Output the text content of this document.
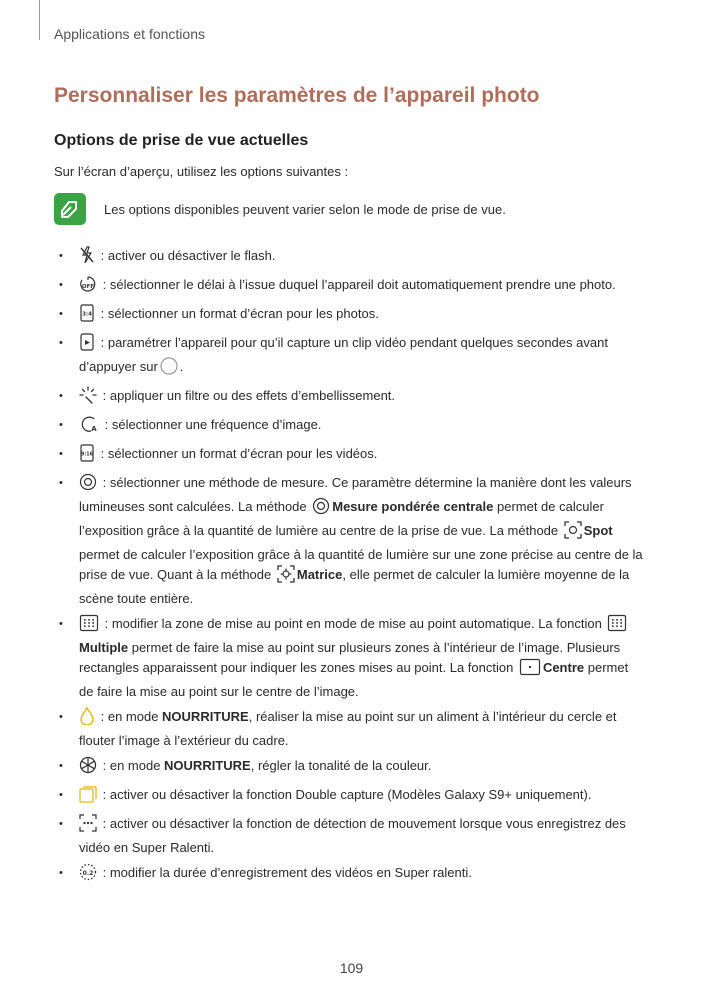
Applications et fonctions
Personnaliser les paramètres de l’appareil photo
Options de prise de vue actuelles

Sur l’écran d’aperçu, utilisez les options suivantes :

Les options disponibles peuvent varier selon le mode de prise de vue.
• : activer ou désactiver le flash.
• OFF : sélectionner le délai à l’issue duquel l’appareil doit automatiquement prendre une photo.
• 3:4 : sélectionner un format d’écran pour les photos.
• : paramétrer l’appareil pour qu’il capture un clip vidéo pendant quelques secondes avant d’appuyer sur .
• : appliquer un filtre ou des effets d’embellissement.
• A : sélectionner une fréquence d’image.
• 9:16 : sélectionner un format d’écran pour les vidéos.
• : sélectionner une méthode de mesure. Ce paramètre détermine la manière dont les valeurs lumineuses sont calculées. La méthode Mesure pondérée centrale permet de calculer l’exposition grâce à la quantité de lumière au centre de la prise de vue. La méthode Spot permet de calculer l’exposition grâce à la quantité de lumière sur une zone précise au centre de la prise de vue. Quant à la méthode Matrice, elle permet de calculer la lumière moyenne de la scène toute entière.
• : modifier la zone de mise au point en mode de mise au point automatique. La fonction Multiple permet de faire la mise au point sur plusieurs zones à l’intérieur de l’image. Plusieurs rectangles apparaissent pour indiquer les zones mises au point. La fonction Centre permet de faire la mise au point sur le centre de l’image.
• : en mode NOURRITURE, réaliser la mise au point sur un aliment à l’intérieur du cercle et flouter l’image à l’extérieur du cadre.
• : en mode NOURRITURE, régler la tonalité de la couleur.
• : activer ou désactiver la fonction Double capture (Modèles Galaxy S9+ uniquement).
• : activer ou désactiver la fonction de détection de mouvement lorsque vous enregistrez des vidéo en Super Ralenti.
• 0.2 : modifier la durée d’enregistrement des vidéos en Super ralenti.
109
